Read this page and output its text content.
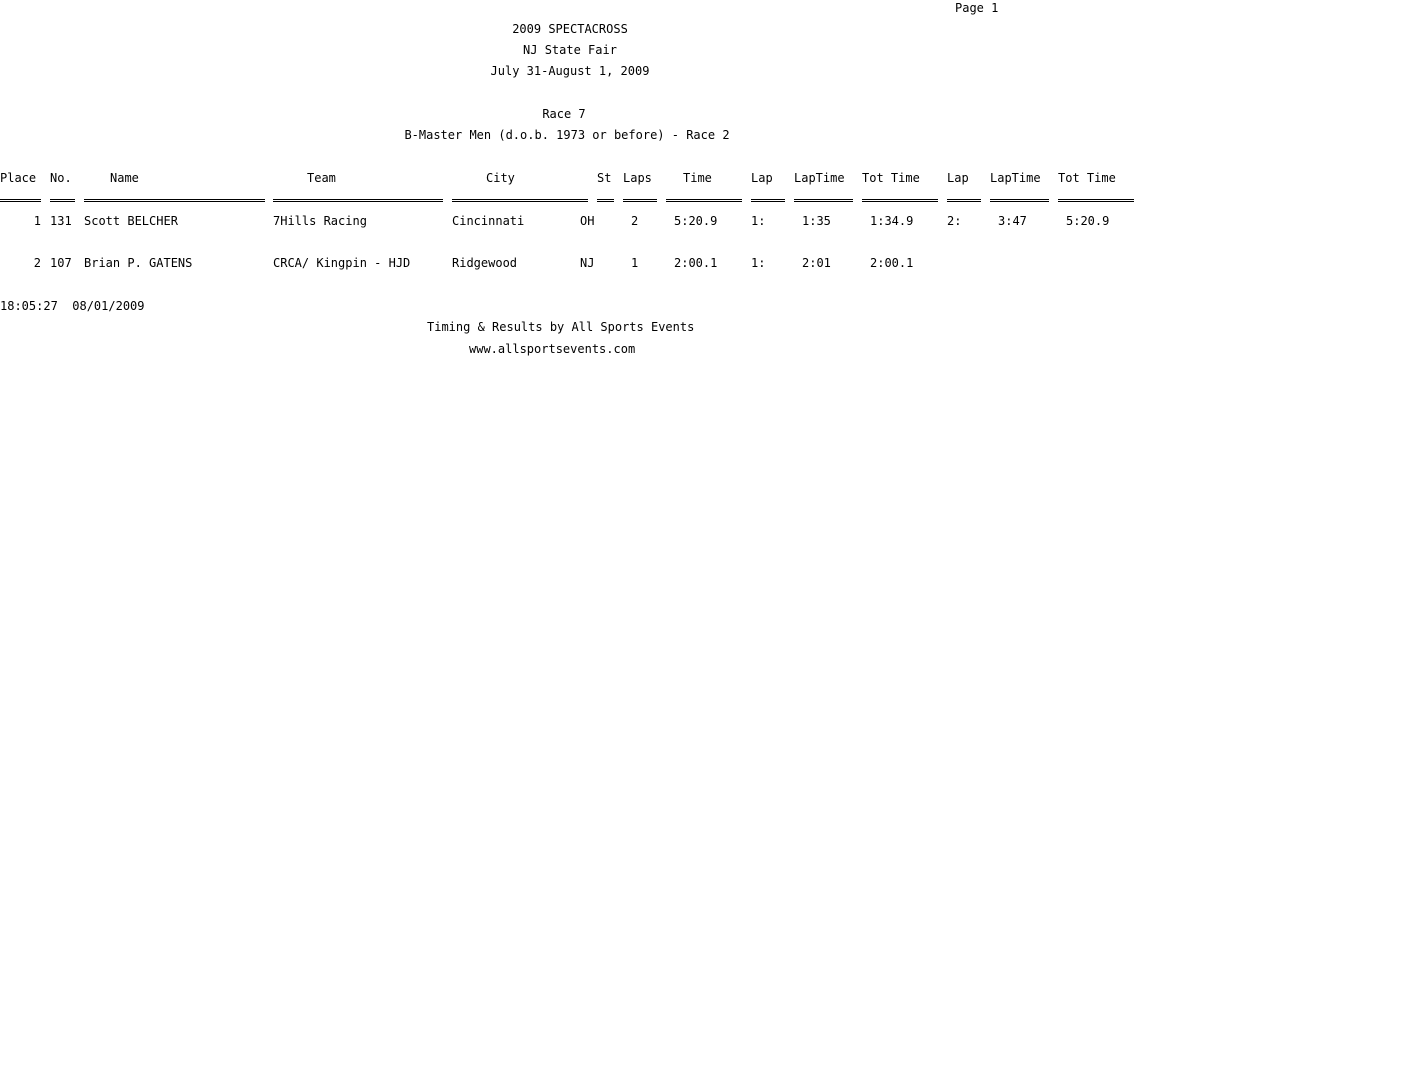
Page 1
2009 SPECTACROSS
NJ State Fair
July 31-August 1, 2009
Race 7
B-Master Men (d.o.b. 1973 or before) - Race 2
Place No.	Name	Team	City	St Laps	Time	Lap LapTime Tot Time Lap LapTime Tot Time
1 131 Scott BELCHER	7Hills Racing	Cincinnati	OH	2	5:20.9	1:	1:35	1:34.9	2:	3:47	5:20.9
2 107 Brian P. GATENS	CRCA/ Kingpin - HJD	Ridgewood	NJ	1	2:00.1	1:	2:01	2:00.1
18:05:27  08/01/2009
Timing & Results by All Sports Events
www.allsportsevents.com
